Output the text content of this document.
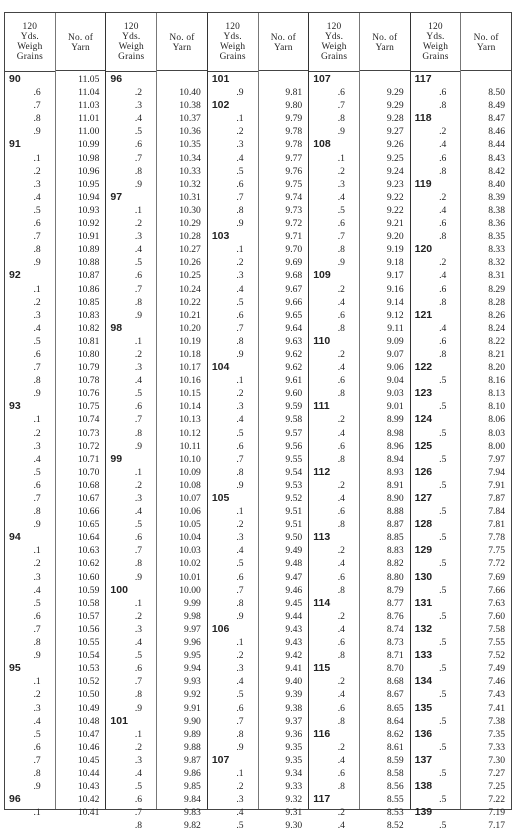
120
Yds.
Weigh
Grains
90
.6
.7
.8
.9
91
.1
.2
.3
.4
.5
.6
.7
.8
.9
92
.1
.2
.3
.4
.5
.6
.7
.8
.9
93
.1
.2
.3
.4
.5
.6
.7
.8
.9
94
.1
.2
.3
.4
.5
.6
.7
.8
.9
95
.1
.2
.3
.4
.5
.6
.7
.8
.9
96
.1
No. of
Yarn
11.05
11.04
11.03
11.01
11.00
10.99
10.98
10.96
10.95
10.94
10.93
10.92
10.91
10.89
10.88
10.87
10.86
10.85
10.83
10.82
10.81
10.80
10.79
10.78
10.76
10.75
10.74
10.73
10.72
10.71
10.70
10.68
10.67
10.66
10.65
10.64
10.63
10.62
10.60
10.59
10.58
10.57
10.56
10.55
10.54
10.53
10.52
10.50
10.49
10.48
10.47
10.46
10.45
10.44
10.43
10.42
10.41
120
Yds.
Weigh
Grains
96
.2
.3
.4
.5
.6
.7
.8
.9
97
.1
.2
.3
.4
.5
.6
.7
.8
.9
98
.1
.2
.3
.4
.5
.6
.7
.8
.9
99
.1
.2
.3
.4
.5
.6
.7
.8
.9
100
.1
.2
.3
.4
.5
.6
.7
.8
.9
101
.1
.2
.3
.4
.5
.6
.7
.8
No. of
Yarn
10.40
10.38
10.37
10.36
10.35
10.34
10.33
10.32
10.31
10.30
10.29
10.28
10.27
10.26
10.25
10.24
10.22
10.21
10.20
10.19
10.18
10.17
10.16
10.15
10.14
10.13
10.12
10.11
10.10
10.09
10.08
10.07
10.06
10.05
10.04
10.03
10.02
10.01
10.00
9.99
9.98
9.97
9.96
9.95
9.94
9.93
9.92
9.91
9.90
9.89
9.88
9.87
9.86
9.85
9.84
9.83
9.82
120
Yds.
Weigh
Grains
101
.9
102
.1
.2
.3
.4
.5
.6
.7
.8
.9
103
.1
.2
.3
.4
.5
.6
.7
.8
.9
104
.1
.2
.3
.4
.5
.6
.7
.8
.9
105
.1
.2
.3
.4
.5
.6
.7
.8
.9
106
.1
.2
.3
.4
.5
.6
.7
.8
.9
107
.1
.2
.3
.4
.5
No. of
Yarn
9.81
9.80
9.79
9.78
9.78
9.77
9.76
9.75
9.74
9.73
9.72
9.71
9.70
9.69
9.68
9.67
9.66
9.65
9.64
9.63
9.62
9.62
9.61
9.60
9.59
9.58
9.57
9.56
9.55
9.54
9.53
9.52
9.51
9.51
9.50
9.49
9.48
9.47
9.46
9.45
9.44
9.43
9.43
9.42
9.41
9.40
9.39
9.38
9.37
9.36
9.35
9.35
9.34
9.33
9.32
9.31
9.30
120
Yds.
Weigh
Grains
107
.6
.7
.8
.9
108
.1
.2
.3
.4
.5
.6
.7
.8
.9
109
.2
.4
.6
.8
110
.2
.4
.6
.8
111
.2
.4
.6
.8
112
.2
.4
.6
.8
113
.2
.4
.6
.8
114
.2
.4
.6
.8
115
.2
.4
.6
.8
116
.2
.4
.6
.8
117
.2
.4
No. of
Yarn
9.29
9.29
9.28
9.27
9.26
9.25
9.24
9.23
9.22
9.22
9.21
9.20
9.19
9.18
9.17
9.16
9.14
9.12
9.11
9.09
9.07
9.06
9.04
9.03
9.01
8.99
8.98
8.96
8.94
8.93
8.91
8.90
8.88
8.87
8.85
8.83
8.82
8.80
8.79
8.77
8.76
8.74
8.73
8.71
8.70
8.68
8.67
8.65
8.64
8.62
8.61
8.59
8.58
8.56
8.55
8.53
8.52
120
Yds.
Weigh
Grains
117
.6
.8
118
.2
.4
.6
.8
119
.2
.4
.6
.8
120
.2
.4
.6
.8
121
.4
.6
.8
122
.5
123
.5
124
.5
125
.5
126
.5
127
.5
128
.5
129
.5
130
.5
131
.5
132
.5
133
.5
134
.5
135
.5
136
.5
137
.5
138
.5
139
.5
No. of
Yarn
8.50
8.49
8.47
8.46
8.44
8.43
8.42
8.40
8.39
8.38
8.36
8.35
8.33
8.32
8.31
8.29
8.28
8.26
8.24
8.22
8.21
8.20
8.16
8.13
8.10
8.06
8.03
8.00
7.97
7.94
7.91
7.87
7.84
7.81
7.78
7.75
7.72
7.69
7.66
7.63
7.60
7.58
7.55
7.52
7.49
7.46
7.43
7.41
7.38
7.35
7.33
7.30
7.27
7.25
7.22
7.19
7.17
